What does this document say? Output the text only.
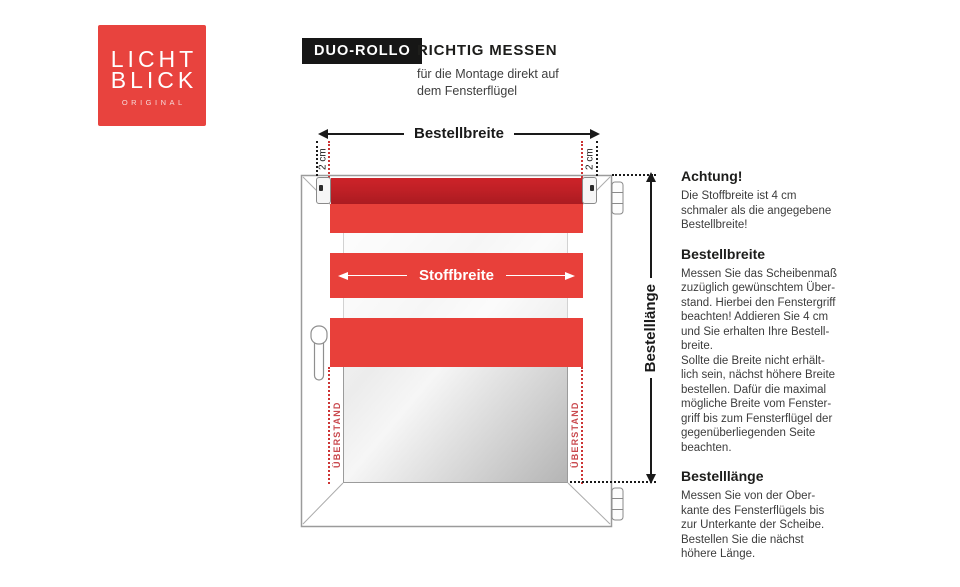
LICHT
BLICK
ORIGINAL
DUO-ROLLO RICHTIG MESSEN
für die Montage direkt auf
dem Fensterflügel
Stoffbreite
Bestellbreite
2 cm	2 cm
ÜBERSTAND	ÜBERSTAND
Bestelllänge
Achtung!

Die Stoffbreite ist 4 cm
schmaler als die angegebene
Bestellbreite!

Bestellbreite

Messen Sie das Scheibenmaß
zuzüglich gewünschtem Über-
stand. Hierbei den Fenstergriff
beachten! Addieren Sie 4 cm
und Sie erhalten Ihre Bestell-
breite.
Sollte die Breite nicht erhält-
lich sein, nächst höhere Breite
bestellen. Dafür die maximal
mögliche Breite vom Fenster-
griff bis zum Fensterflügel der
gegenüberliegenden Seite
beachten.

Bestelllänge

Messen Sie von der Ober-
kante des Fensterflügels bis
zur Unterkante der Scheibe.
Bestellen Sie die nächst
höhere Länge.
